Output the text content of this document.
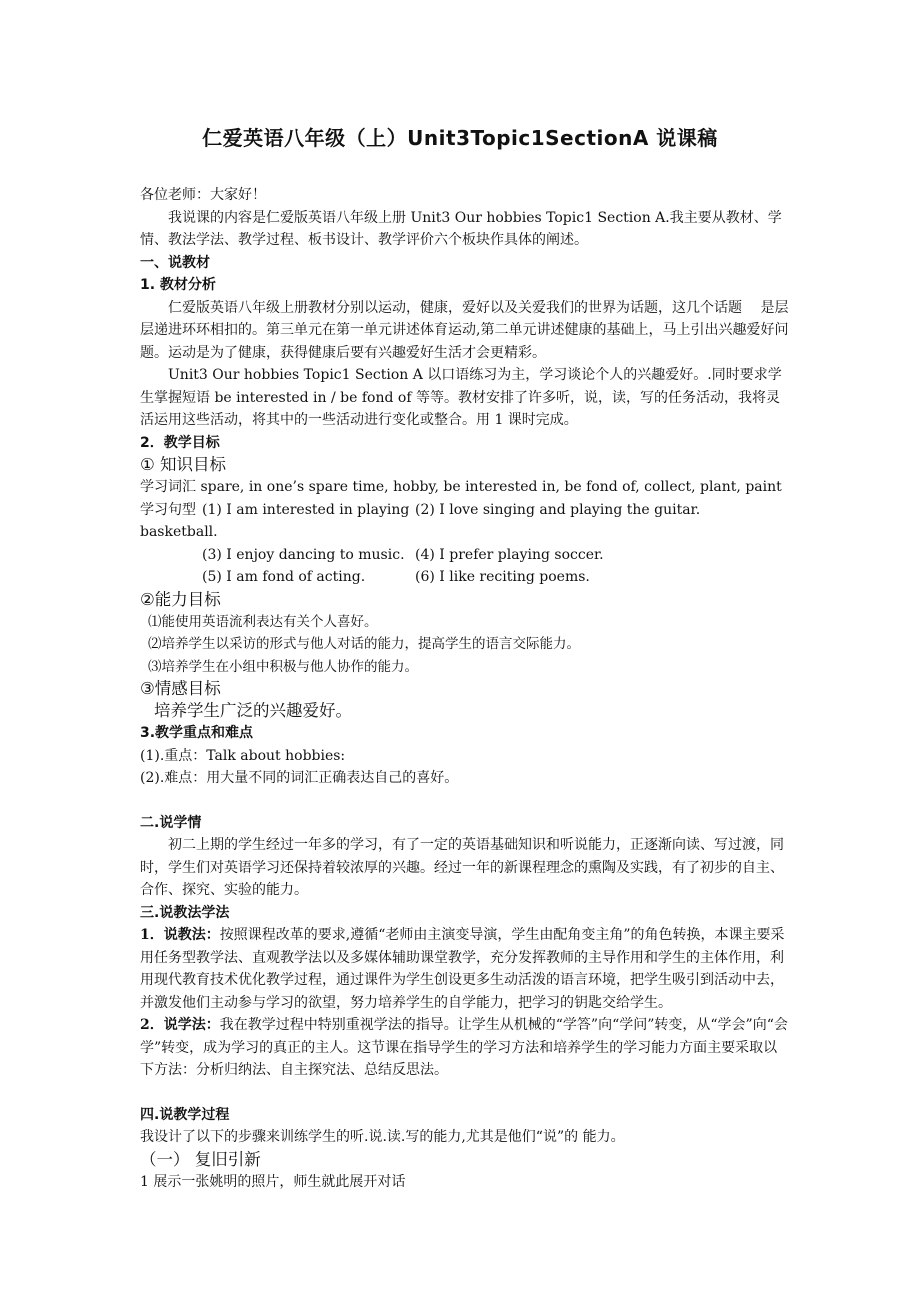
仁爱英语八年级（上）Unit3Topic1SectionA 说课稿

各位老师：大家好！

我说课的内容是仁爱版英语八年级上册 Unit3 Our hobbies Topic1 Section A.我主要从教材、学情、教法学法、教学过程、板书设计、教学评价六个板块作具体的阐述。

一、说教材

1. 教材分析

仁爱版英语八年级上册教材分别以运动，健康，爱好以及关爱我们的世界为话题，这几个话题　 是层层递进环环相扣的。第三单元在第一单元讲述体育运动,第二单元讲述健康的基础上，马上引出兴趣爱好问题。运动是为了健康，获得健康后要有兴趣爱好生活才会更精彩。

Unit3 Our hobbies Topic1 Section A 以口语练习为主，学习谈论个人的兴趣爱好。.同时要求学生掌握短语 be interested in / be fond of 等等。教材安排了许多听，说，读，写的任务活动，我将灵活运用这些活动，将其中的一些活动进行变化或整合。用 1 课时完成。

2．教学目标

① 知识目标

学习词汇 spare, in one’s spare time, hobby, be interested in, be fond of, collect, plant, paint

学习句型 (1) I am interested in playing basketball.
(2) I love singing and playing the guitar.
(3) I enjoy dancing to music. (4) I prefer playing soccer.
(5) I am fond of acting.	(6) I like reciting poems.

②能力目标

⑴能使用英语流利表达有关个人喜好。

⑵培养学生以采访的形式与他人对话的能力，提高学生的语言交际能力。

⑶培养学生在小组中积极与他人协作的能力。

③情感目标

培养学生广泛的兴趣爱好。

3.教学重点和难点

(1).重点：Talk about hobbies:

(2).难点：用大量不同的词汇正确表达自己的喜好。

二.说学情

初二上期的学生经过一年多的学习，有了一定的英语基础知识和听说能力，正逐渐向读、写过渡，同时，学生们对英语学习还保持着较浓厚的兴趣。经过一年的新课程理念的熏陶及实践，有了初步的自主、合作、探究、实验的能力。

三.说教法学法

1．说教法：按照课程改革的要求,遵循“老师由主演变导演，学生由配角变主角”的角色转换，本课主要采用任务型教学法、直观教学法以及多媒体辅助课堂教学，充分发挥教师的主导作用和学生的主体作用，利用现代教育技术优化教学过程，通过课件为学生创设更多生动活泼的语言环境，把学生吸引到活动中去，并激发他们主动参与学习的欲望，努力培养学生的自学能力，把学习的钥匙交给学生。

2．说学法：我在教学过程中特别重视学法的指导。让学生从机械的“学答”向“学问”转变，从“学会”向“会学”转变，成为学习的真正的主人。这节课在指导学生的学习方法和培养学生的学习能力方面主要采取以下方法：分析归纳法、自主探究法、总结反思法。

四.说教学过程

我设计了以下的步骤来训练学生的听.说.读.写的能力,尤其是他们“说”的 能力。

（一） 复旧引新

1 展示一张姚明的照片，师生就此展开对话
